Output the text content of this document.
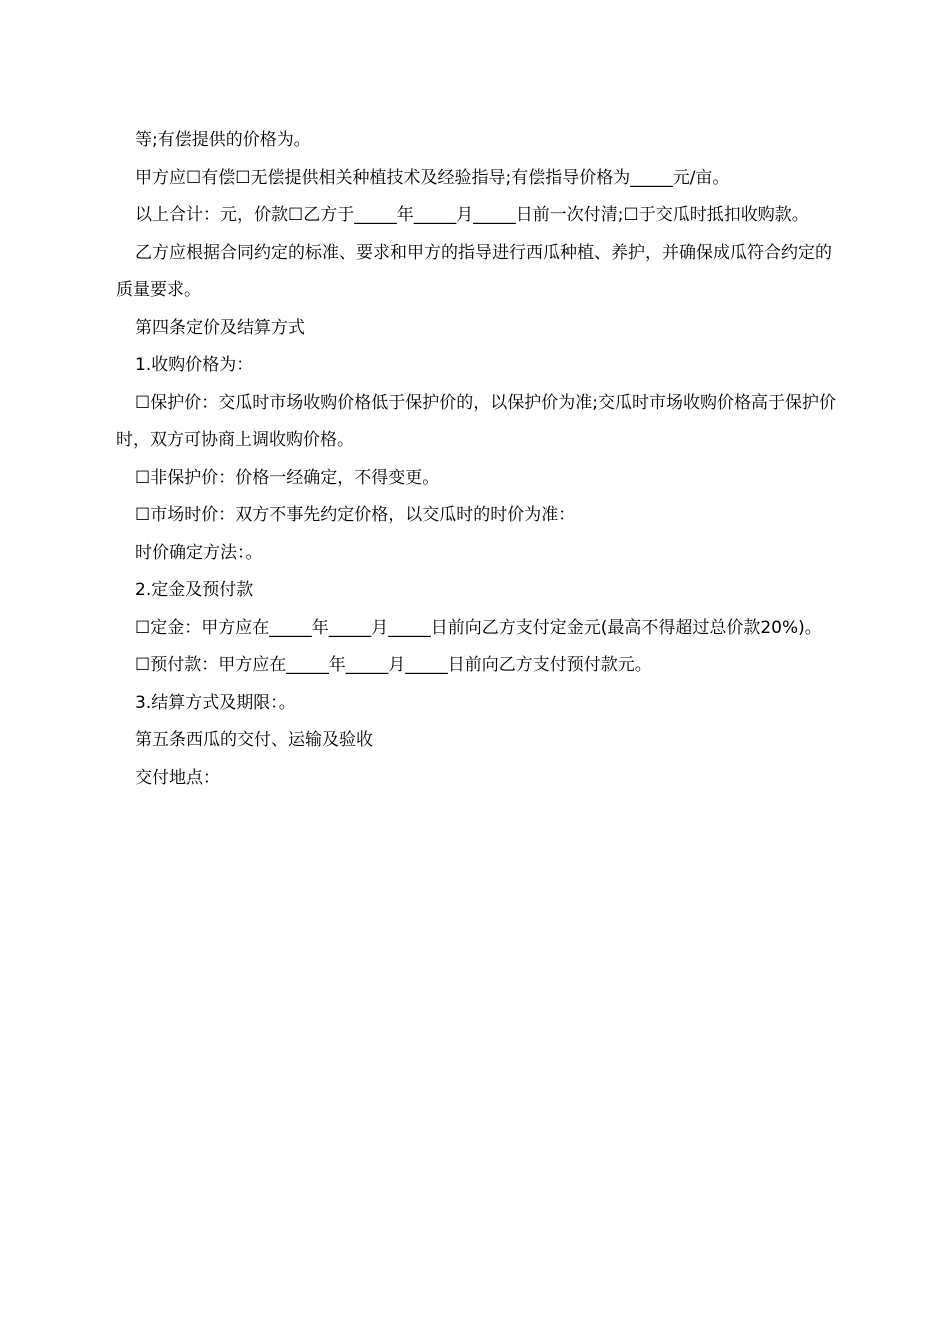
等;有偿提供的价格为。

甲方应☐有偿☐无偿提供相关种植技术及经验指导;有偿指导价格为_____元/亩。

以上合计：元，价款☐乙方于_____年_____月_____日前一次付清;☐于交瓜时抵扣收购款。

乙方应根据合同约定的标准、要求和甲方的指导进行西瓜种植、养护，并确保成瓜符合约定的质量要求。

第四条定价及结算方式

1.收购价格为：

☐保护价：交瓜时市场收购价格低于保护价的，以保护价为准;交瓜时市场收购价格高于保护价时，双方可协商上调收购价格。

☐非保护价：价格一经确定，不得变更。

☐市场时价：双方不事先约定价格，以交瓜时的时价为准：

时价确定方法：。

2.定金及预付款

☐定金：甲方应在_____年_____月_____日前向乙方支付定金元(最高不得超过总价款20%)。

☐预付款：甲方应在_____年_____月_____日前向乙方支付预付款元。

3.结算方式及期限：。

第五条西瓜的交付、运输及验收

交付地点：
